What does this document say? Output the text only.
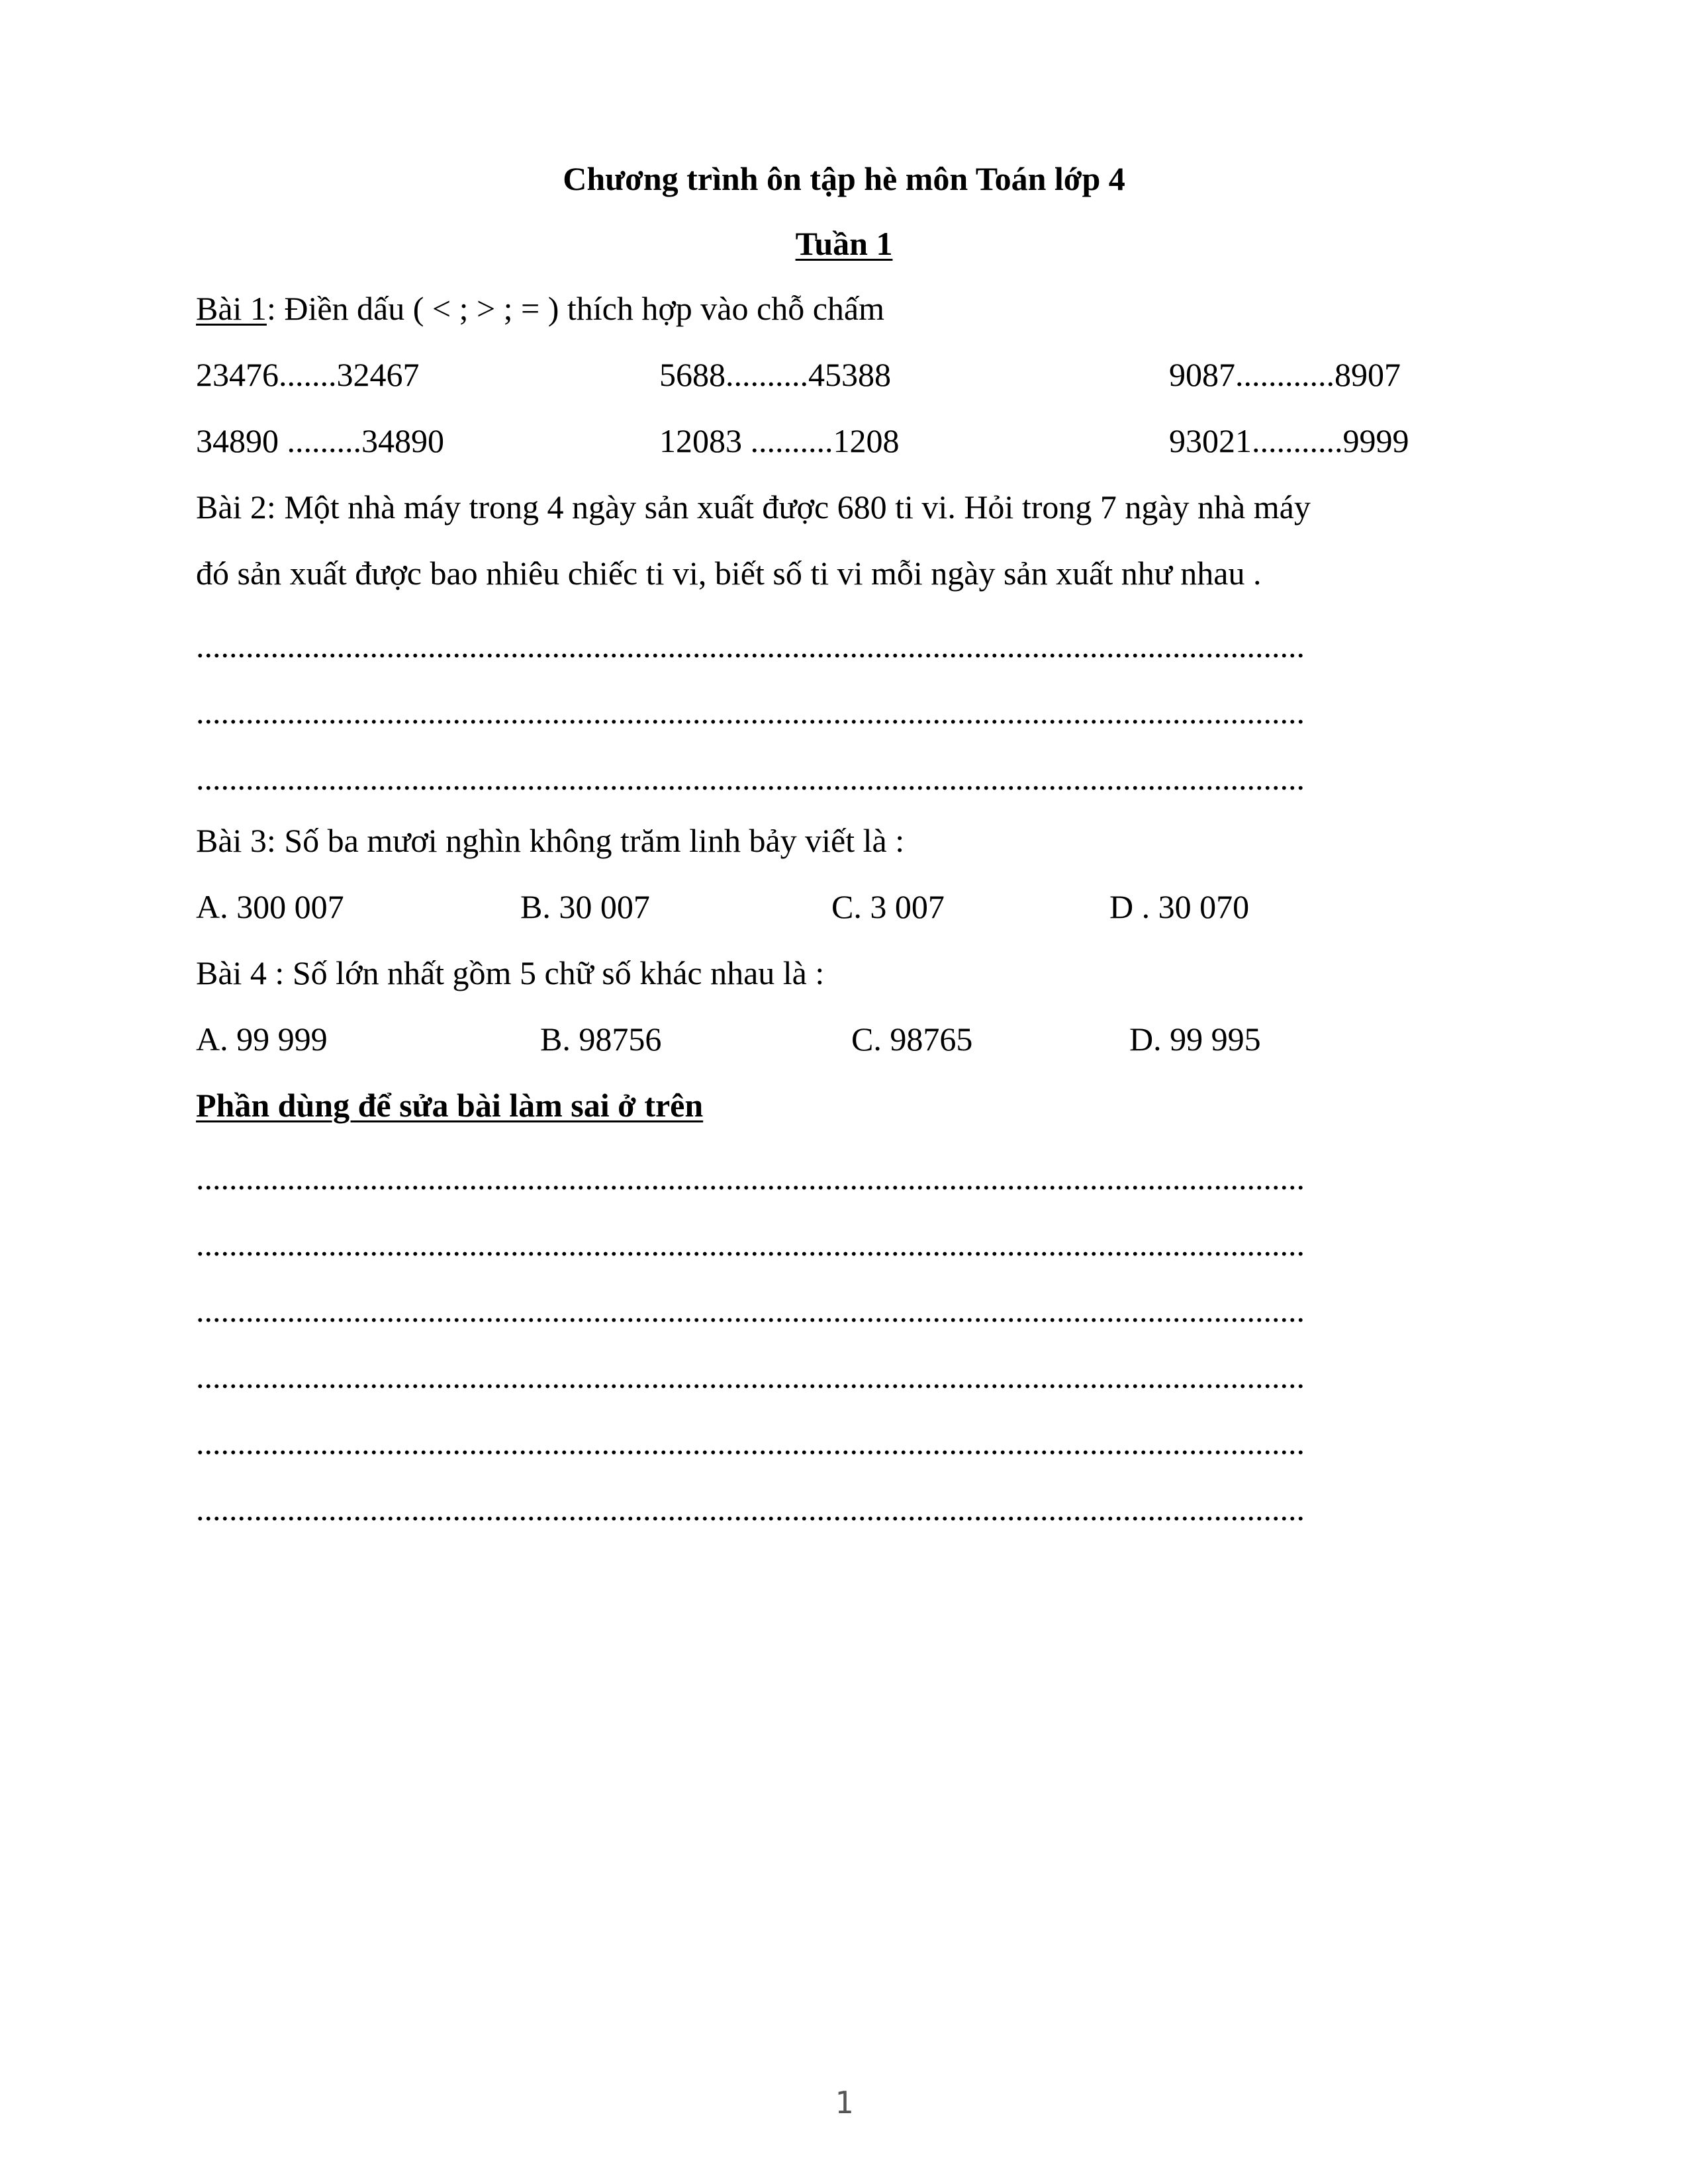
Chương trình ôn tập hè môn Toán lớp 4
Tuần 1
Bài 1: Điền dấu ( < ; > ; = ) thích hợp vào chỗ chấm
23476.......32467	5688..........45388	9087............8907
34890 .........34890	12083 ..........1208	93021...........9999
Bài 2: Một nhà máy trong 4 ngày sản xuất được 680 ti vi. Hỏi trong 7 ngày nhà máy
đó sản xuất được bao nhiêu chiếc ti vi, biết số ti vi mỗi ngày sản xuất như nhau .
......................................................................................................................................
......................................................................................................................................
......................................................................................................................................
Bài 3: Số ba mươi nghìn không trăm linh bảy viết là :
A. 300 007	B. 30 007	C. 3 007	D . 30 070
Bài 4 : Số lớn nhất gồm 5 chữ số khác nhau là :
A. 99 999	B. 98756	C. 98765	D. 99 995
Phần dùng để sửa bài làm sai ở trên
......................................................................................................................................
......................................................................................................................................
......................................................................................................................................
......................................................................................................................................
......................................................................................................................................
......................................................................................................................................
1
